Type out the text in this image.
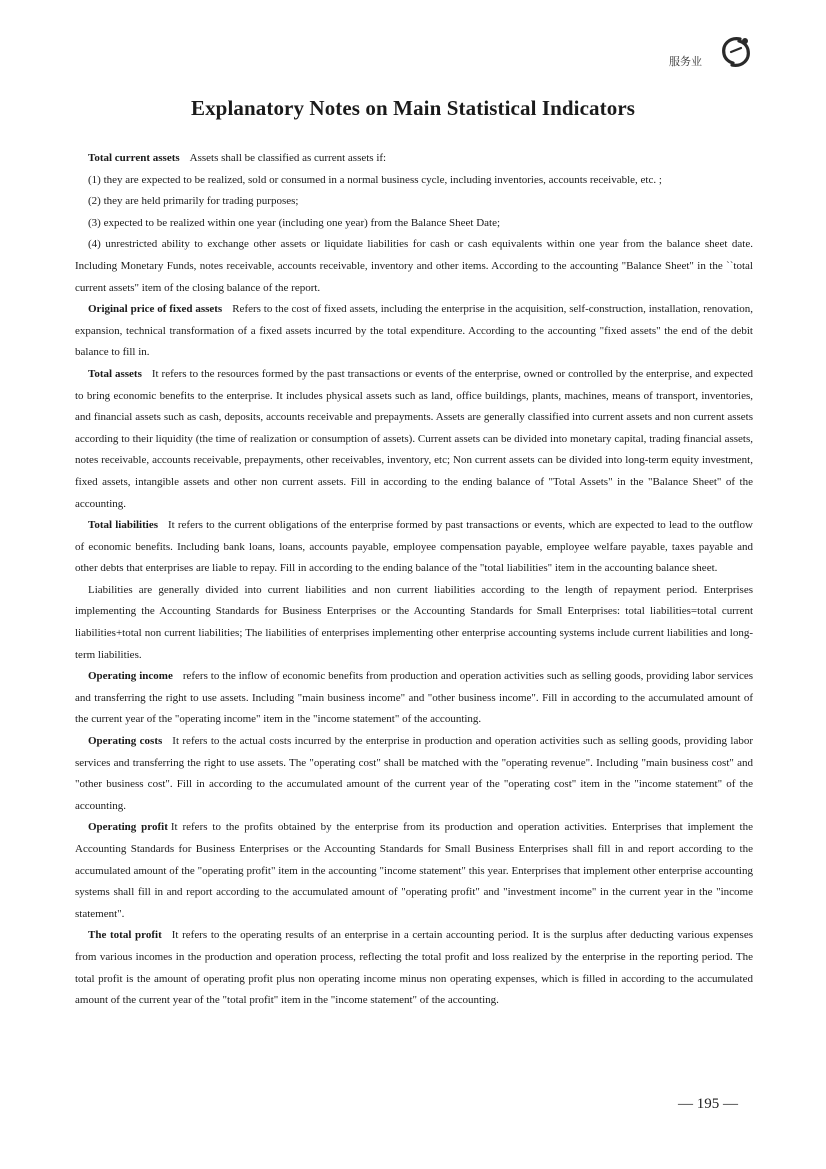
服务业
Explanatory Notes on Main Statistical Indicators

Total current assets Assets shall be classified as current assets if:

(1) they are expected to be realized, sold or consumed in a normal business cycle, including inventories, accounts receivable, etc. ;

(2) they are held primarily for trading purposes;

(3) expected to be realized within one year (including one year) from the Balance Sheet Date;

(4) unrestricted ability to exchange other assets or liquidate liabilities for cash or cash equivalents within one year from the balance sheet date. Including Monetary Funds, notes receivable, accounts receivable, inventory and other items. According to the accounting "Balance Sheet" in the ``total current assets" item of the closing balance of the report.

Original price of fixed assets Refers to the cost of fixed assets, including the enterprise in the acquisition, self-construction, installation, renovation, expansion, technical transformation of a fixed assets incurred by the total expenditure. According to the accounting "fixed assets" the end of the debit balance to fill in.

Total assets It refers to the resources formed by the past transactions or events of the enterprise, owned or controlled by the enterprise, and expected to bring economic benefits to the enterprise. It includes physical assets such as land, office buildings, plants, machines, means of transport, inventories, and financial assets such as cash, deposits, accounts receivable and prepayments. Assets are generally classified into current assets and non current assets according to their liquidity (the time of realization or consumption of assets). Current assets can be divided into monetary capital, trading financial assets, notes receivable, accounts receivable, prepayments, other receivables, inventory, etc; Non current assets can be divided into long-term equity investment, fixed assets, intangible assets and other non current assets. Fill in according to the ending balance of "Total Assets" in the "Balance Sheet" of the accounting.

Total liabilities It refers to the current obligations of the enterprise formed by past transactions or events, which are expected to lead to the outflow of economic benefits. Including bank loans, loans, accounts payable, employee compensation payable, employee welfare payable, taxes payable and other debts that enterprises are liable to repay. Fill in according to the ending balance of the "total liabilities" item in the accounting balance sheet.

Liabilities are generally divided into current liabilities and non current liabilities according to the length of repayment period. Enterprises implementing the Accounting Standards for Business Enterprises or the Accounting Standards for Small Enterprises: total liabilities=total current liabilities+total non current liabilities; The liabilities of enterprises implementing other enterprise accounting systems include current liabilities and long-term liabilities.

Operating income refers to the inflow of economic benefits from production and operation activities such as selling goods, providing labor services and transferring the right to use assets. Including "main business income" and "other business income". Fill in according to the accumulated amount of the current year of the "operating income" item in the "income statement" of the accounting.

Operating costs It refers to the actual costs incurred by the enterprise in production and operation activities such as selling goods, providing labor services and transferring the right to use assets. The "operating cost" shall be matched with the "operating revenue". Including "main business cost" and "other business cost". Fill in according to the accumulated amount of the current year of the "operating cost" item in the "income statement" of the accounting.

Operating profit It refers to the profits obtained by the enterprise from its production and operation activities. Enterprises that implement the Accounting Standards for Business Enterprises or the Accounting Standards for Small Business Enterprises shall fill in and report according to the accumulated amount of the "operating profit" item in the accounting "income statement" this year. Enterprises that implement other enterprise accounting systems shall fill in and report according to the accumulated amount of "operating profit" and "investment income" in the current year in the "income statement".

The total profit It refers to the operating results of an enterprise in a certain accounting period. It is the surplus after deducting various expenses from various incomes in the production and operation process, reflecting the total profit and loss realized by the enterprise in the reporting period. The total profit is the amount of operating profit plus non operating income minus non operating expenses, which is filled in according to the accumulated amount of the current year of the "total profit" item in the "income statement" of the accounting.

— 195 —
